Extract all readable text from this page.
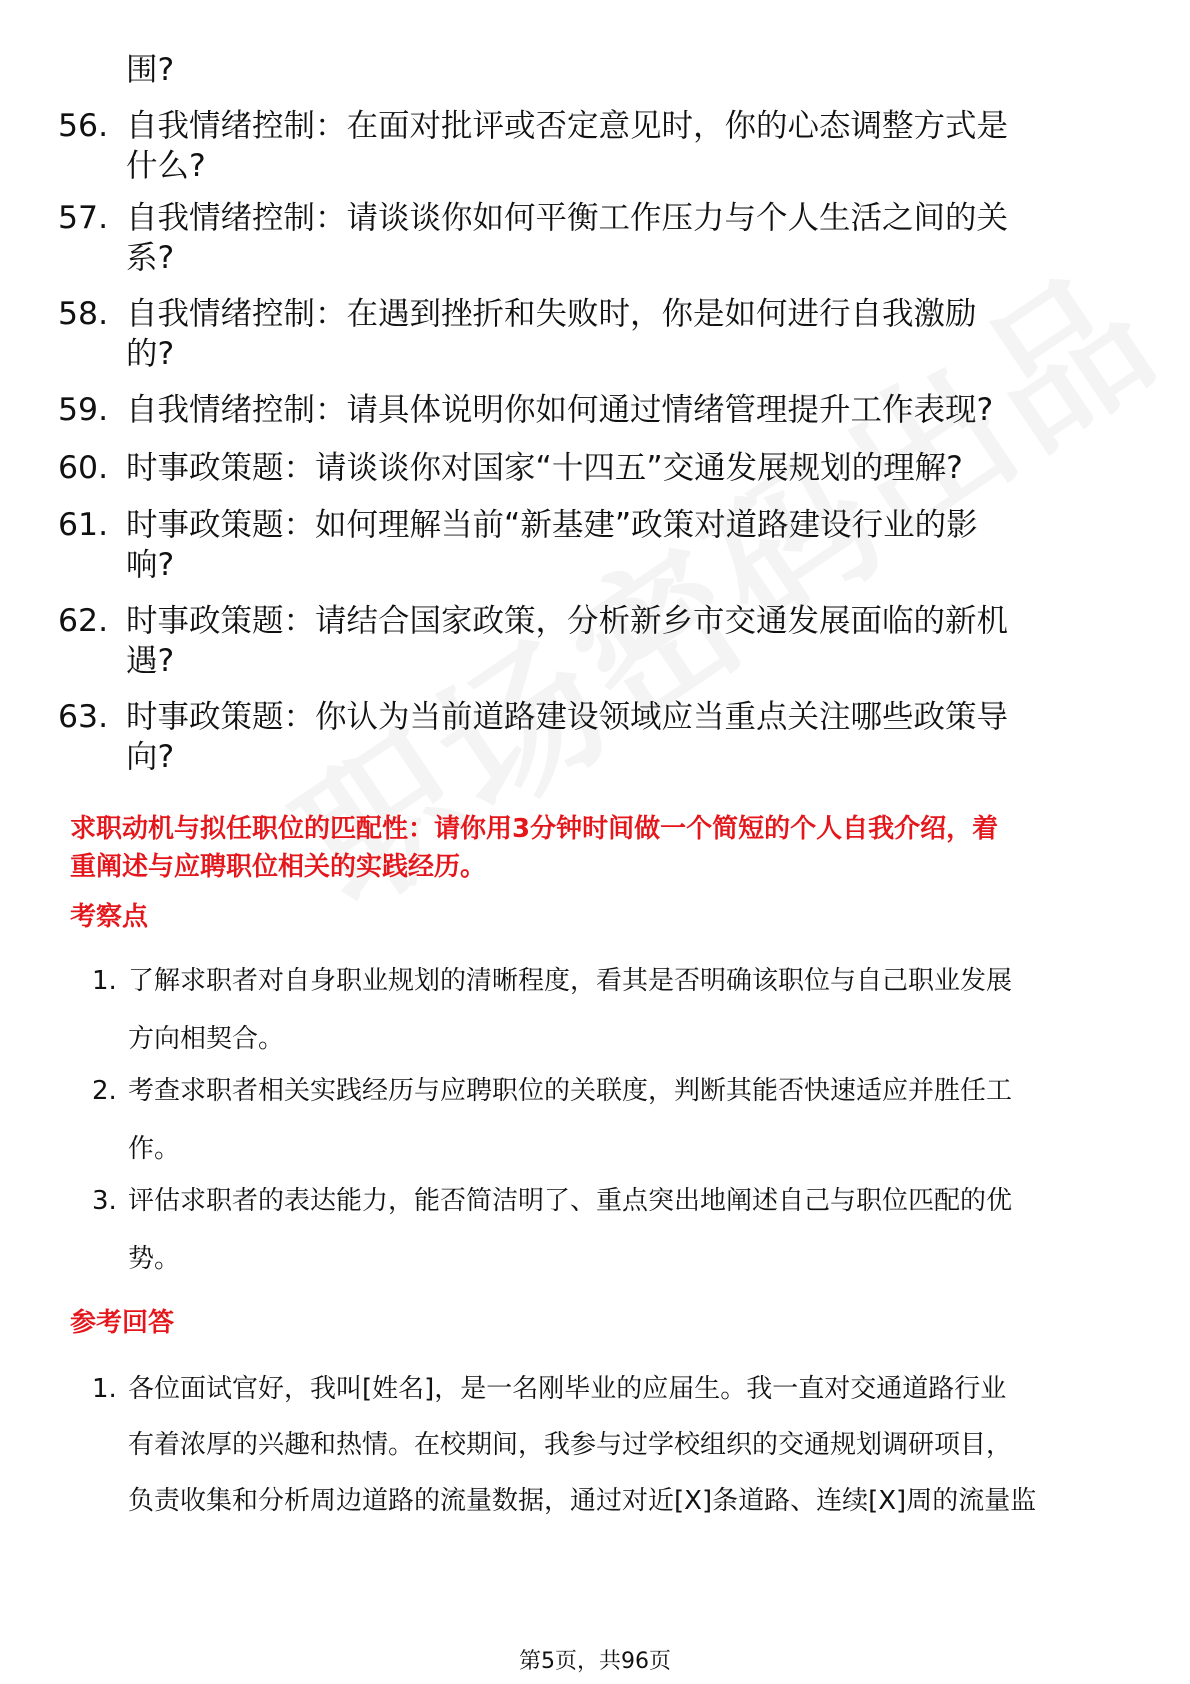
围?
56. 自我情绪控制：在面对批评或否定意见时，你的心态调整方式是
什么?
57. 自我情绪控制：请谈谈你如何平衡工作压力与个人生活之间的关
系?
58. 自我情绪控制：在遇到挫折和失败时，你是如何进行自我激励
的?
59. 自我情绪控制：请具体说明你如何通过情绪管理提升工作表现?
60. 时事政策题：请谈谈你对国家“十四五”交通发展规划的理解?
61. 时事政策题：如何理解当前“新基建”政策对道路建设行业的影
响?
62. 时事政策题：请结合国家政策，分析新乡市交通发展面临的新机
遇?
63. 时事政策题：你认为当前道路建设领域应当重点关注哪些政策导
向?
求职动机与拟任职位的匹配性：请你用3分钟时间做一个简短的个人自我介绍，着
重阐述与应聘职位相关的实践经历。
考察点
1. 了解求职者对自身职业规划的清晰程度，看其是否明确该职位与自己职业发展
方向相契合。
2. 考查求职者相关实践经历与应聘职位的关联度，判断其能否快速适应并胜任工
作。
3. 评估求职者的表达能力，能否简洁明了、重点突出地阐述自己与职位匹配的优
势。
参考回答
1. 各位面试官好，我叫[姓名]，是一名刚毕业的应届生。我一直对交通道路行业
有着浓厚的兴趣和热情。在校期间，我参与过学校组织的交通规划调研项目，
负责收集和分析周边道路的流量数据，通过对近[X]条道路、连续[X]周的流量监
第5页，共96页
